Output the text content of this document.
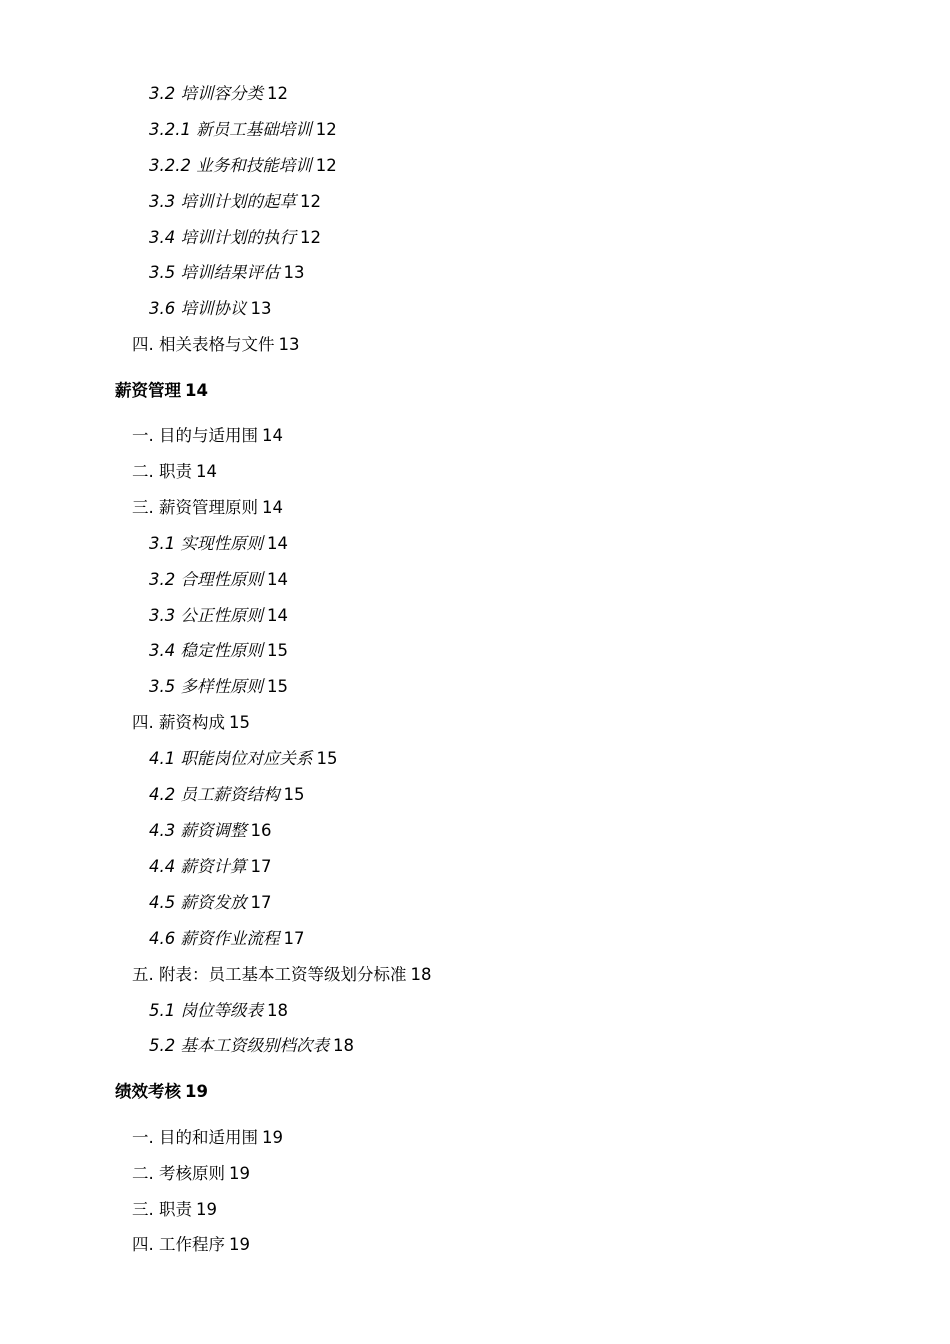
3.2 培训容分类 12
3.2.1 新员工基础培训 12
3.2.2 业务和技能培训 12
3.3 培训计划的起草 12
3.4 培训计划的执行 12
3.5 培训结果评估 13
3.6 培训协议 13
四. 相关表格与文件 13
薪资管理 14
一. 目的与适用围 14
二. 职责 14
三. 薪资管理原则 14
3.1 实现性原则 14
3.2 合理性原则 14
3.3 公正性原则 14
3.4 稳定性原则 15
3.5 多样性原则 15
四. 薪资构成 15
4.1 职能岗位对应关系 15
4.2 员工薪资结构 15
4.3 薪资调整 16
4.4 薪资计算 17
4.5 薪资发放 17
4.6 薪资作业流程 17
五. 附表：员工基本工资等级划分标准 18
5.1 岗位等级表 18
5.2 基本工资级别档次表 18
绩效考核 19
一. 目的和适用围 19
二. 考核原则 19
三. 职责 19
四. 工作程序 19
